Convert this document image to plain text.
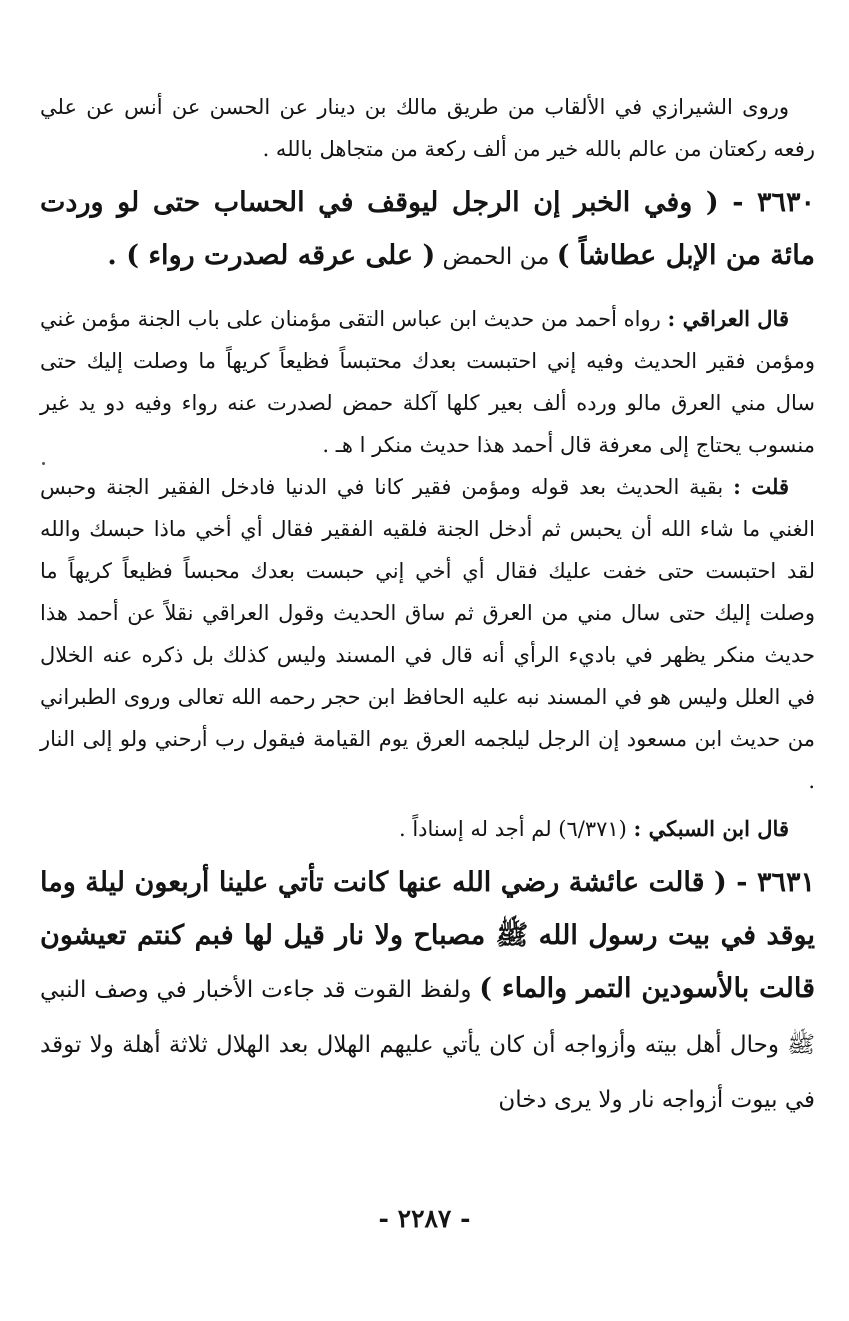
وروى الشيرازي في الألقاب من طريق مالك بن دينار عن الحسن عن أنس عن علي رفعه ركعتان من عالم بالله خير من ألف ركعة من متجاهل بالله .

٣٦٣٠ - ( وفي الخبر إن الرجل ليوقف في الحساب حتى لو وردت مائة من الإبل عطاشاً ) من الحمض ( على عرقه لصدرت رواء ) .

قال العراقي : رواه أحمد من حديث ابن عباس التقى مؤمنان على باب الجنة مؤمن غني ومؤمن فقير الحديث وفيه إني احتبست بعدك محتبساً فظيعاً كريهاً ما وصلت إليك حتى سال مني العرق مالو ورده ألف بعير كلها آكلة حمض لصدرت عنه رواء وفيه دو يد غير منسوب يحتاج إلى معرفة قال أحمد هذا حديث منكر ا هـ .

قلت : بقية الحديث بعد قوله ومؤمن فقير كانا في الدنيا فادخل الفقير الجنة وحبس الغني ما شاء الله أن يحبس ثم أدخل الجنة فلقيه الفقير فقال أي أخي ماذا حبسك والله لقد احتبست حتى خفت عليك فقال أي أخي إني حبست بعدك محبساً فظيعاً كريهاً ما وصلت إليك حتى سال مني من العرق ثم ساق الحديث وقول العراقي نقلاً عن أحمد هذا حديث منكر يظهر في باديء الرأي أنه قال في المسند وليس كذلك بل ذكره عنه الخلال في العلل وليس هو في المسند نبه عليه الحافظ ابن حجر رحمه الله تعالى وروى الطبراني من حديث ابن مسعود إن الرجل ليلجمه العرق يوم القيامة فيقول رب أرحني ولو إلى النار .

قال ابن السبكي : (٦/٣٧١) لم أجد له إسناداً .

٣٦٣١ - ( قالت عائشة رضي الله عنها كانت تأتي علينا أربعون ليلة وما يوقد في بيت رسول الله ﷺ مصباح ولا نار قيل لها فبم كنتم تعيشون قالت بالأسودين التمر والماء ) ولفظ القوت قد جاءت الأخبار في وصف النبي ﷺ وحال أهل بيته وأزواجه أن كان يأتي عليهم الهلال بعد الهلال ثلاثة أهلة ولا توقد في بيوت أزواجه نار ولا يرى دخان

- ٢٢٨٧ -
